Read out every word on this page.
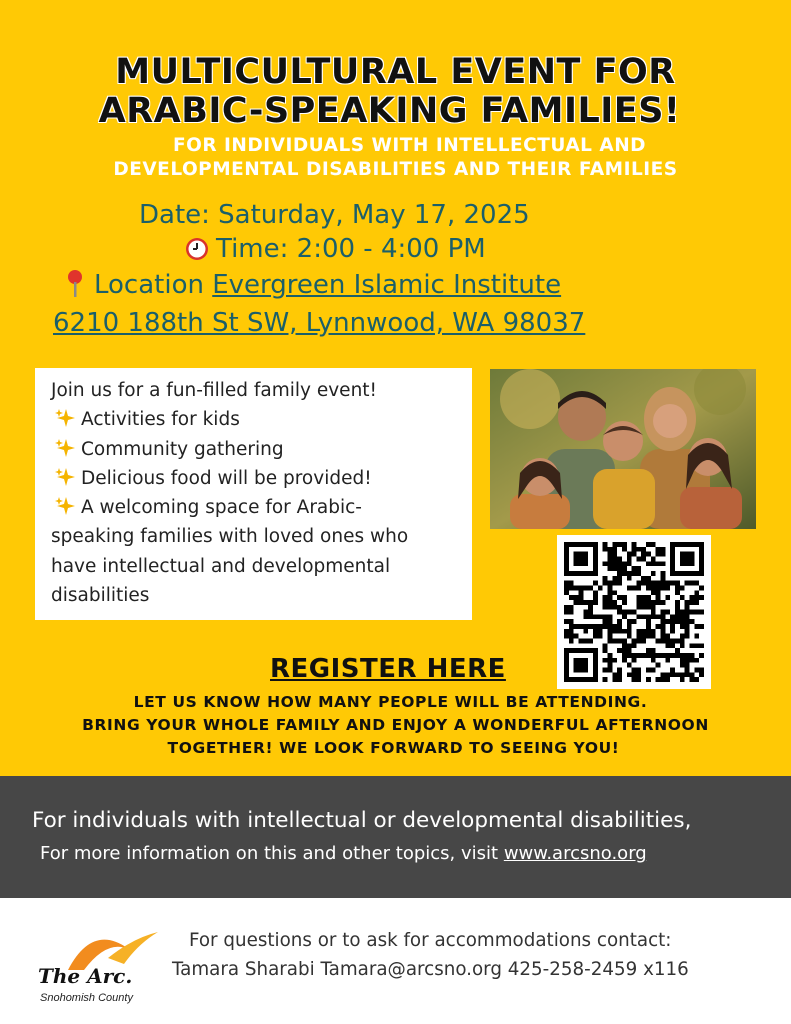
MULTICULTURAL EVENT FOR
ARABIC-SPEAKING FAMILIES!
FOR INDIVIDUALS WITH INTELLECTUAL AND
DEVELOPMENTAL DISABILITIES AND THEIR FAMILIES
Date: Saturday, May 17, 2025
Time: 2:00 - 4:00 PM
Location Evergreen Islamic Institute
6210 188th St SW, Lynnwood, WA 98037
Join us for a fun-filled family event!
Activities for kids
Community gathering
Delicious food will be provided!
A welcoming space for Arabic-
speaking families with loved ones who
have intellectual and developmental
disabilities
REGISTER HERE
LET US KNOW HOW MANY PEOPLE WILL BE ATTENDING.
BRING YOUR WHOLE FAMILY AND ENJOY A WONDERFUL AFTERNOON
TOGETHER! WE LOOK FORWARD TO SEEING YOU!
For individuals with intellectual or developmental disabilities,
For more information on this and other topics, visit www.arcsno.org
The Arc.
Snohomish County
For questions or to ask for accommodations contact:
Tamara Sharabi Tamara@arcsno.org 425-258-2459 x116
